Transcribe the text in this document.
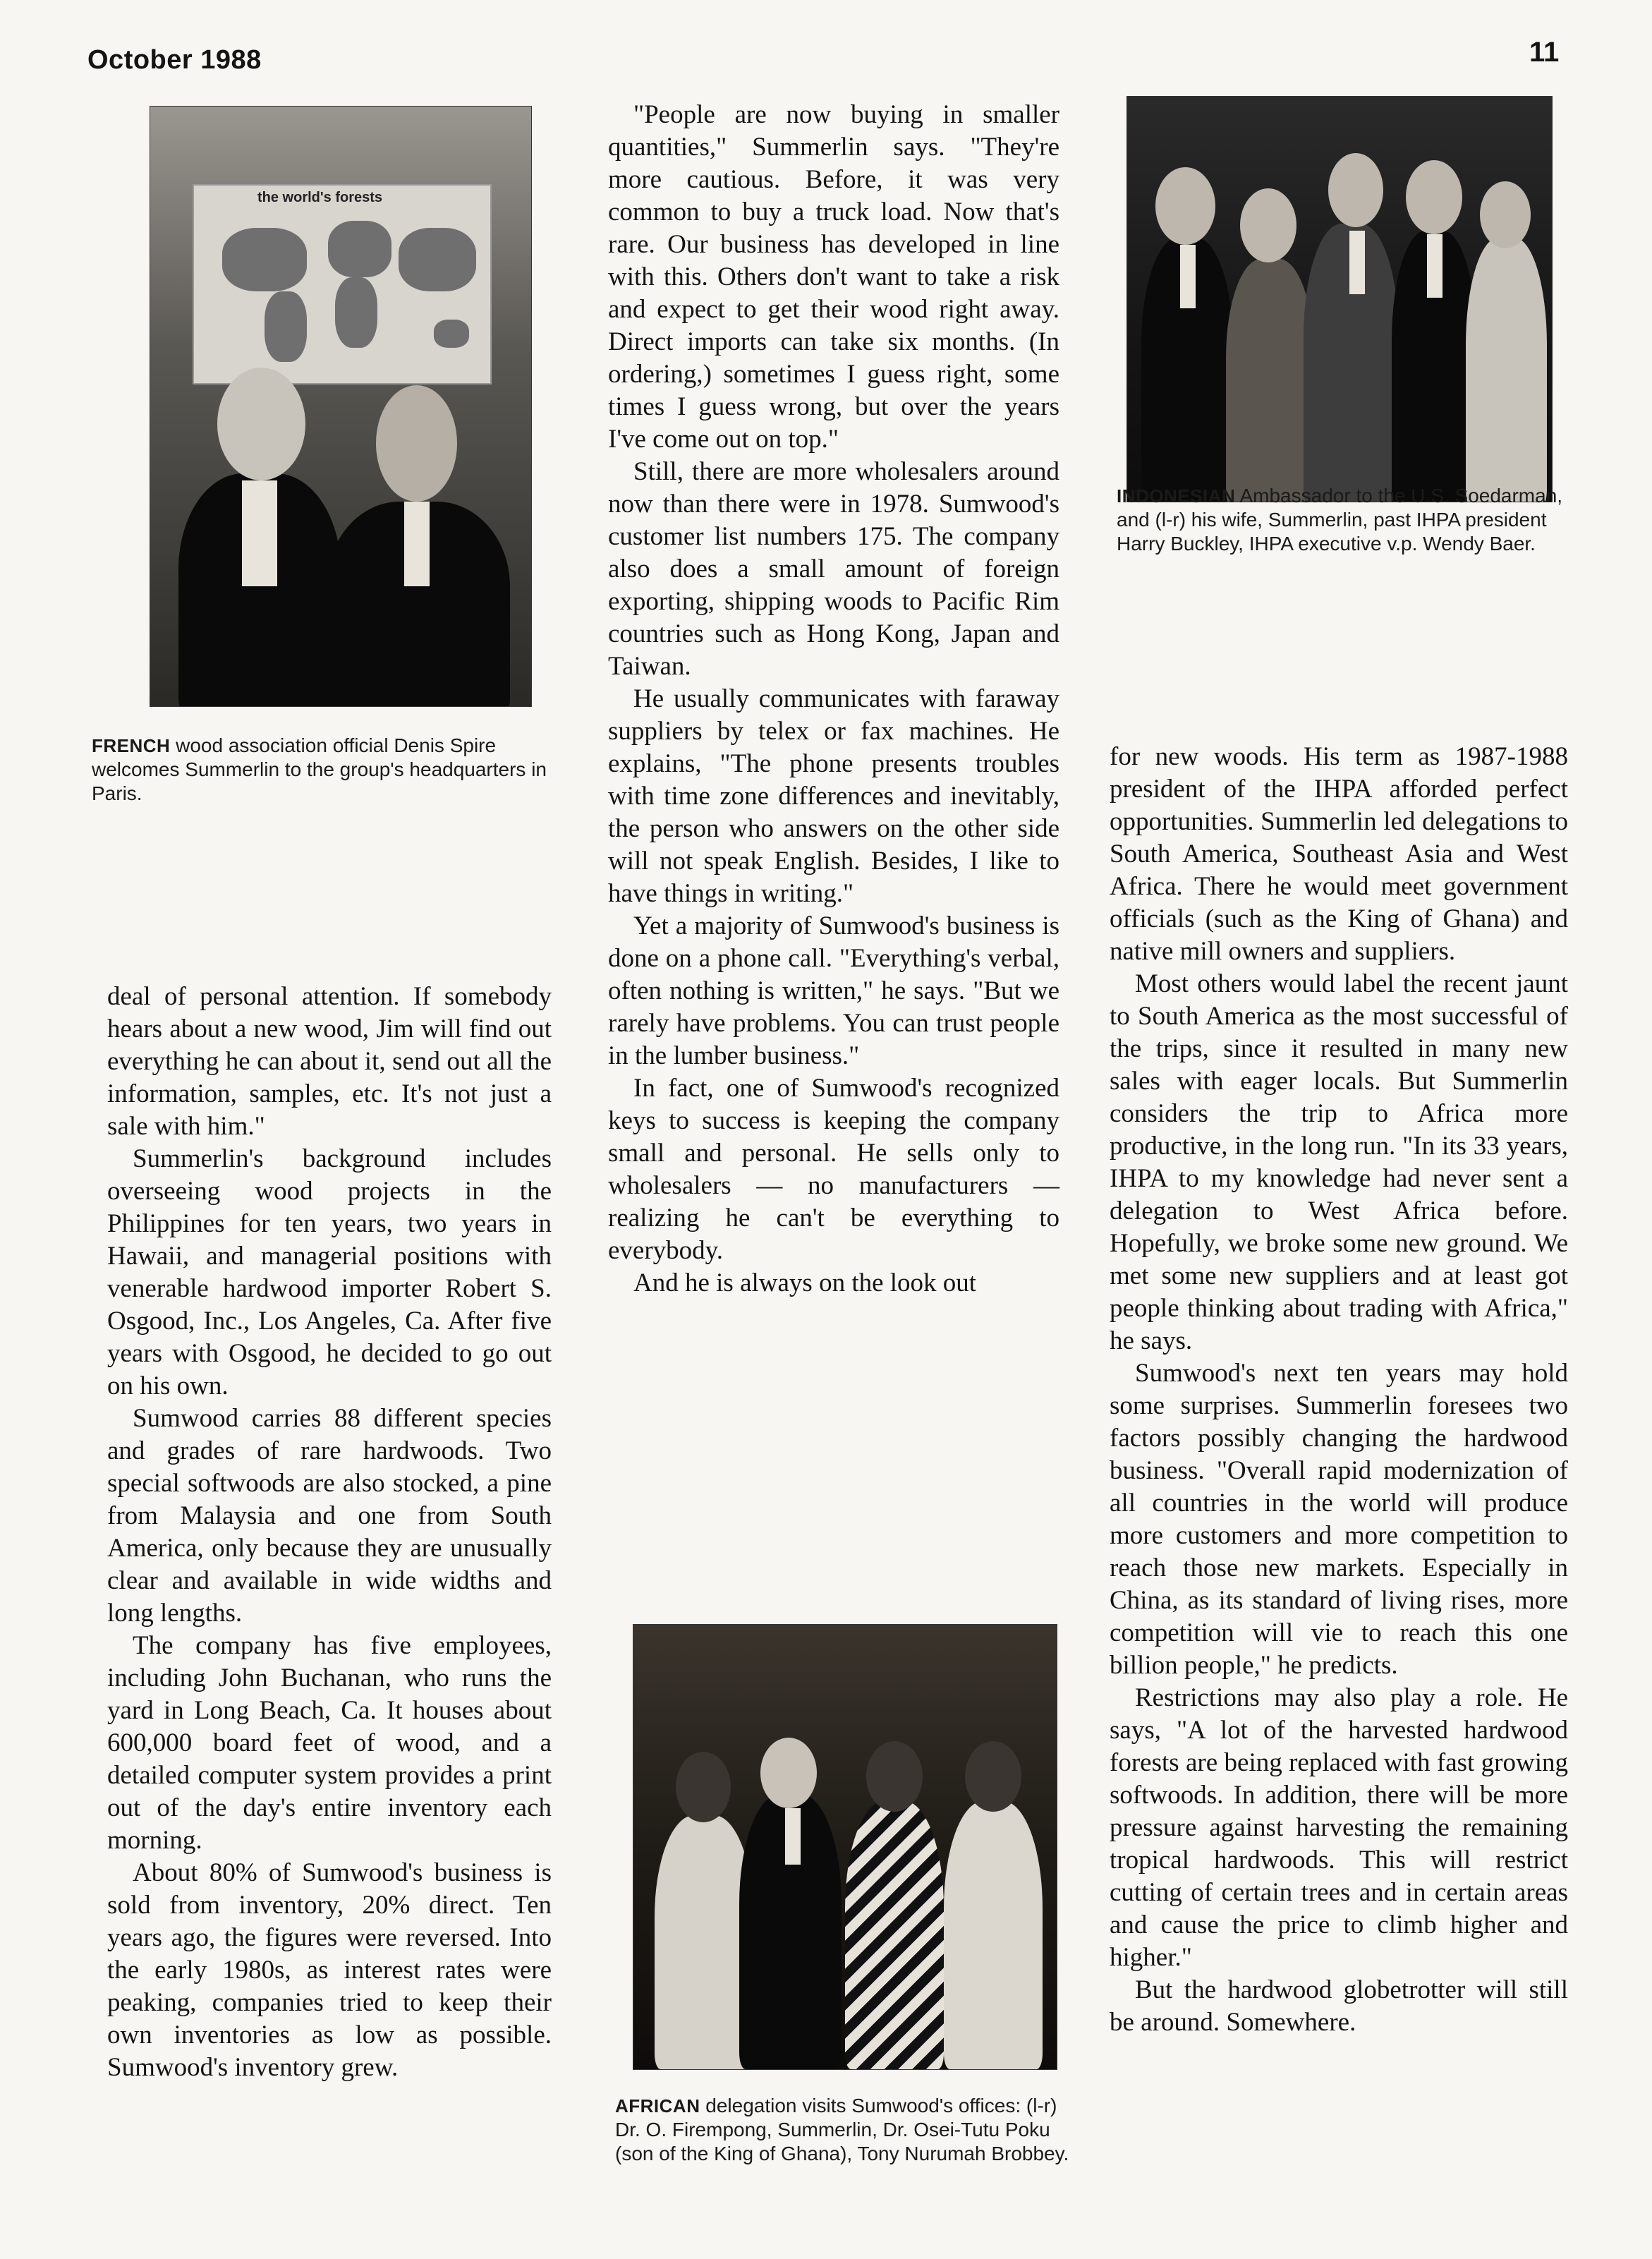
October 1988	11
the world's forests
FRENCH wood association official Denis Spire welcomes Summerlin to the group's headquarters in Paris.
INDONESIAN Ambassador to the U.S. Soedarman, and (l-r) his wife, Summerlin, past IHPA president Harry Buckley, IHPA executive v.p. Wendy Baer.
AFRICAN delegation visits Sumwood's offices: (l-r) Dr. O. Firempong, Summerlin, Dr. Osei-Tutu Poku (son of the King of Ghana), Tony Nurumah Brobbey.

deal of personal attention. If somebody hears about a new wood, Jim will find out everything he can about it, send out all the information, samples, etc. It's not just a sale with him."

Summerlin's background includes overseeing wood projects in the Philippines for ten years, two years in Hawaii, and managerial positions with venerable hardwood importer Robert S. Osgood, Inc., Los Angeles, Ca. After five years with Osgood, he decided to go out on his own.

Sumwood carries 88 different species and grades of rare hardwoods. Two special softwoods are also stocked, a pine from Malaysia and one from South America, only because they are unusually clear and available in wide widths and long lengths.

The company has five employees, including John Buchanan, who runs the yard in Long Beach, Ca. It houses about 600,000 board feet of wood, and a detailed computer system provides a print out of the day's entire inventory each morning.

About 80% of Sumwood's business is sold from inventory, 20% direct. Ten years ago, the figures were reversed. Into the early 1980s, as interest rates were peaking, companies tried to keep their own inventories as low as possible. Sumwood's inventory grew.

"People are now buying in smaller quantities," Summerlin says. "They're more cautious. Before, it was very common to buy a truck load. Now that's rare. Our business has developed in line with this. Others don't want to take a risk and expect to get their wood right away. Direct imports can take six months. (In ordering,) sometimes I guess right, some times I guess wrong, but over the years I've come out on top."

Still, there are more wholesalers around now than there were in 1978. Sumwood's customer list numbers 175. The company also does a small amount of foreign exporting, shipping woods to Pacific Rim countries such as Hong Kong, Japan and Taiwan.

He usually communicates with faraway suppliers by telex or fax machines. He explains, "The phone presents troubles with time zone differences and inevitably, the person who answers on the other side will not speak English. Besides, I like to have things in writing."

Yet a majority of Sumwood's business is done on a phone call. "Everything's verbal, often nothing is written," he says. "But we rarely have problems. You can trust people in the lumber business."

In fact, one of Sumwood's recognized keys to success is keeping the company small and personal. He sells only to wholesalers — no manufacturers — realizing he can't be everything to everybody.

And he is always on the look out

for new woods. His term as 1987-1988 president of the IHPA afforded perfect opportunities. Summerlin led delegations to South America, Southeast Asia and West Africa. There he would meet government officials (such as the King of Ghana) and native mill owners and suppliers.

Most others would label the recent jaunt to South America as the most successful of the trips, since it resulted in many new sales with eager locals. But Summerlin considers the trip to Africa more productive, in the long run. "In its 33 years, IHPA to my knowledge had never sent a delegation to West Africa before. Hopefully, we broke some new ground. We met some new suppliers and at least got people thinking about trading with Africa," he says.

Sumwood's next ten years may hold some surprises. Summerlin foresees two factors possibly changing the hardwood business. "Overall rapid modernization of all countries in the world will produce more customers and more competition to reach those new markets. Especially in China, as its standard of living rises, more competition will vie to reach this one billion people," he predicts.

Restrictions may also play a role. He says, "A lot of the harvested hardwood forests are being replaced with fast growing softwoods. In addition, there will be more pressure against harvesting the remaining tropical hardwoods. This will restrict cutting of certain trees and in certain areas and cause the price to climb higher and higher."

But the hardwood globetrotter will still be around. Somewhere.
